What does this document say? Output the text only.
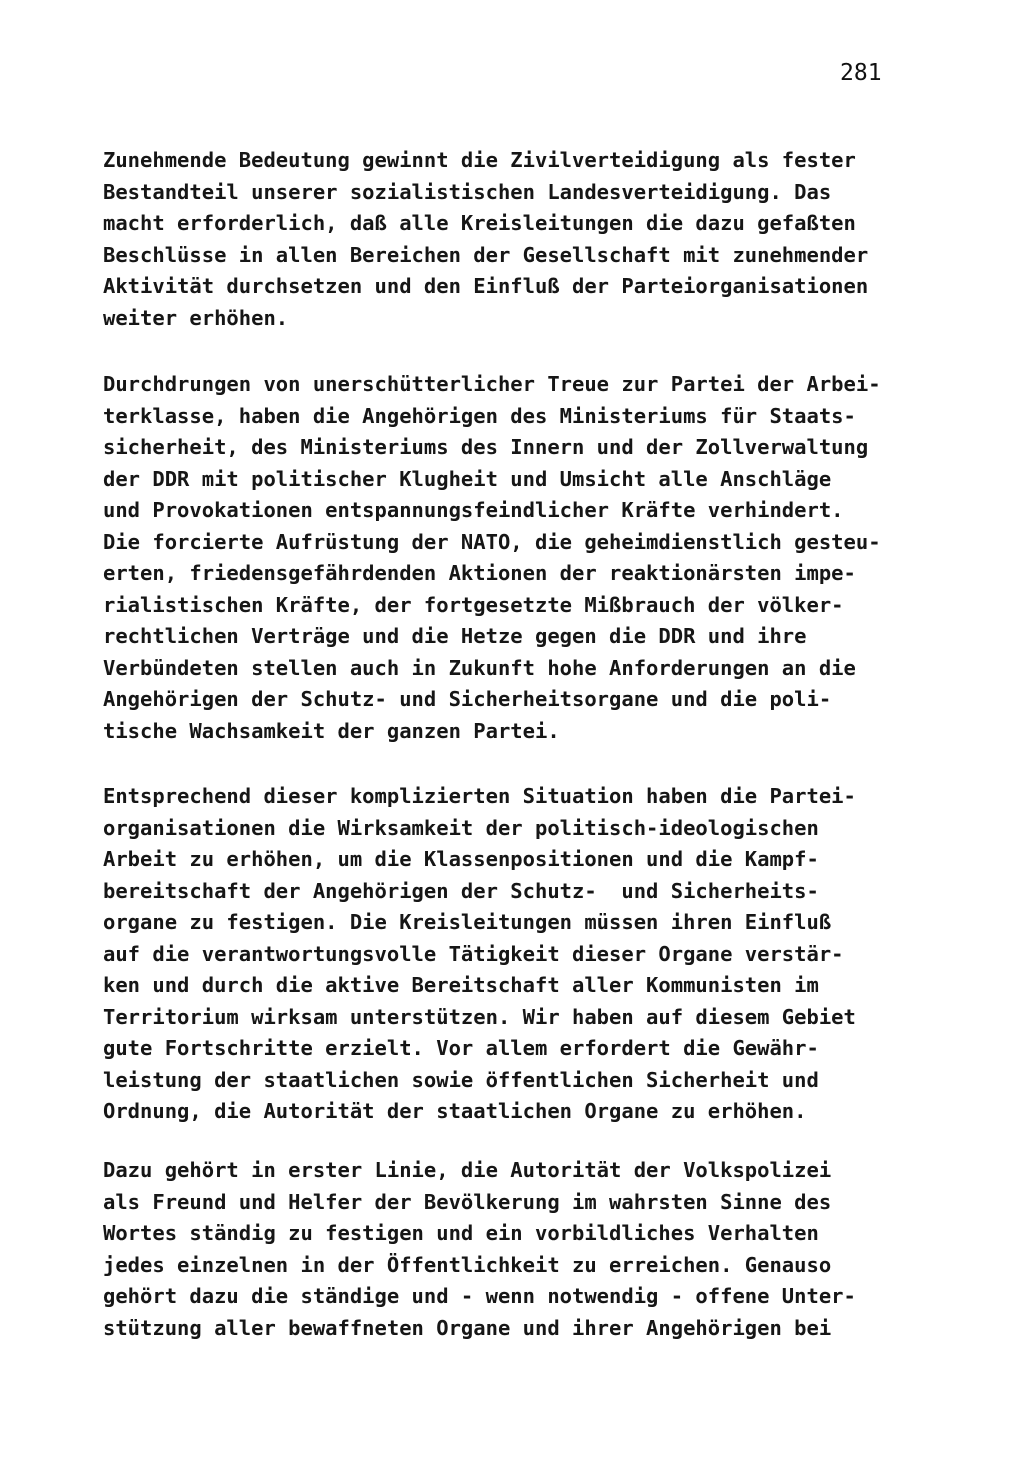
281
Zunehmende Bedeutung gewinnt die Zivilverteidigung als fester
Bestandteil unserer sozialistischen Landesverteidigung. Das
macht erforderlich, daß alle Kreisleitungen die dazu gefaßten
Beschlüsse in allen Bereichen der Gesellschaft mit zunehmender
Aktivität durchsetzen und den Einfluß der Parteiorganisationen
weiter erhöhen.
Durchdrungen von unerschütterlicher Treue zur Partei der Arbei-
terklasse, haben die Angehörigen des Ministeriums für Staats-
sicherheit, des Ministeriums des Innern und der Zollverwaltung
der DDR mit politischer Klugheit und Umsicht alle Anschläge
und Provokationen entspannungsfeindlicher Kräfte verhindert.
Die forcierte Aufrüstung der NATO, die geheimdienstlich gesteu-
erten, friedensgefährdenden Aktionen der reaktionärsten impe-
rialistischen Kräfte, der fortgesetzte Mißbrauch der völker-
rechtlichen Verträge und die Hetze gegen die DDR und ihre
Verbündeten stellen auch in Zukunft hohe Anforderungen an die
Angehörigen der Schutz- und Sicherheitsorgane und die poli-
tische Wachsamkeit der ganzen Partei.
Entsprechend dieser komplizierten Situation haben die Partei-
organisationen die Wirksamkeit der politisch-ideologischen
Arbeit zu erhöhen, um die Klassenpositionen und die Kampf-
bereitschaft der Angehörigen der Schutz-  und Sicherheits-
organe zu festigen. Die Kreisleitungen müssen ihren Einfluß
auf die verantwortungsvolle Tätigkeit dieser Organe verstär-
ken und durch die aktive Bereitschaft aller Kommunisten im
Territorium wirksam unterstützen. Wir haben auf diesem Gebiet
gute Fortschritte erzielt. Vor allem erfordert die Gewähr-
leistung der staatlichen sowie öffentlichen Sicherheit und
Ordnung, die Autorität der staatlichen Organe zu erhöhen.
Dazu gehört in erster Linie, die Autorität der Volkspolizei
als Freund und Helfer der Bevölkerung im wahrsten Sinne des
Wortes ständig zu festigen und ein vorbildliches Verhalten
jedes einzelnen in der Öffentlichkeit zu erreichen. Genauso
gehört dazu die ständige und - wenn notwendig - offene Unter-
stützung aller bewaffneten Organe und ihrer Angehörigen bei
